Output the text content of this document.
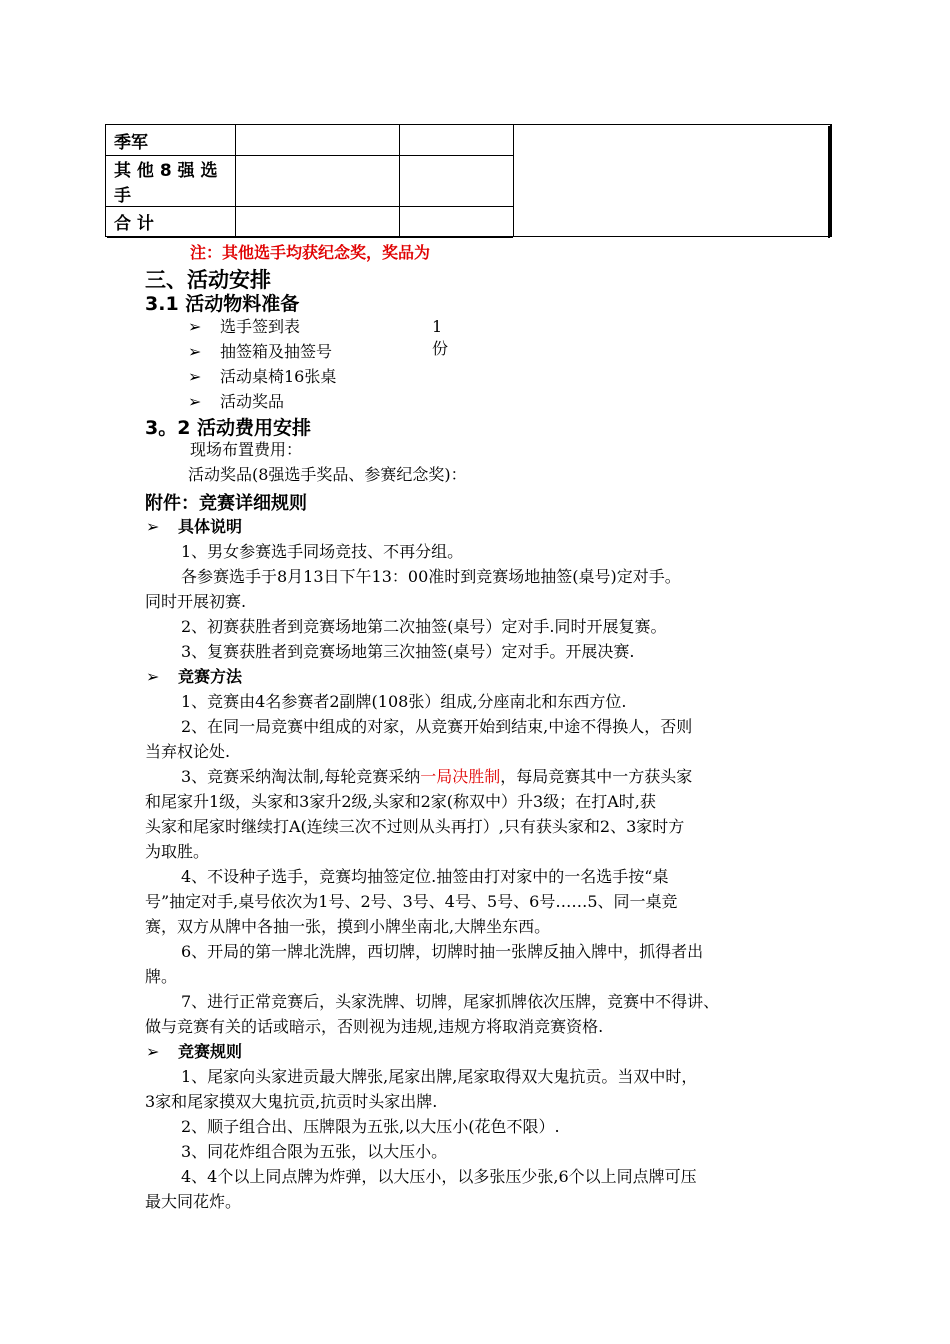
季军			
其 他 8 强 选
手			
合 计			
注：其他选手均获纪念奖，奖品为
三、活动安排
3.1 活动物料准备
➢ 选手签到表	1份
➢ 抽签箱及抽签号
➢ 活动桌椅16张桌
➢ 活动奖品
3。2 活动费用安排
现场布置费用：
活动奖品(8强选手奖品、参赛纪念奖)：
附件：竞赛详细规则
➢ 具体说明
1、男女参赛选手同场竞技、不再分组。
各参赛选手于8月13日下午13：00准时到竞赛场地抽签(桌号)定对手。
同时开展初赛.
2、初赛获胜者到竞赛场地第二次抽签(桌号）定对手.同时开展复赛。
3、复赛获胜者到竞赛场地第三次抽签(桌号）定对手。开展决赛.
➢ 竞赛方法
1、竞赛由4名参赛者2副牌(108张）组成,分座南北和东西方位.
2、在同一局竞赛中组成的对家，从竞赛开始到结束,中途不得换人，否则
当弃权论处.
3、竞赛采纳淘汰制,每轮竞赛采纳一局决胜制，每局竞赛其中一方获头家
和尾家升1级，头家和3家升2级,头家和2家(称双中）升3级；在打A时,获
头家和尾家时继续打A(连续三次不过则从头再打）,只有获头家和2、3家时方
为取胜。
4、不设种子选手，竞赛均抽签定位.抽签由打对家中的一名选手按“桌
号”抽定对手,桌号依次为1号、2号、3号、4号、5号、6号……5、同一桌竞
赛，双方从牌中各抽一张，摸到小牌坐南北,大牌坐东西。
6、开局的第一牌北洗牌，西切牌，切牌时抽一张牌反抽入牌中，抓得者出
牌。
7、进行正常竞赛后，头家洗牌、切牌，尾家抓牌依次压牌，竞赛中不得讲、
做与竞赛有关的话或暗示，否则视为违规,违规方将取消竞赛资格.
➢ 竞赛规则
1、尾家向头家进贡最大牌张,尾家出牌,尾家取得双大鬼抗贡。当双中时，
3家和尾家摸双大鬼抗贡,抗贡时头家出牌.
2、顺子组合出、压牌限为五张,以大压小(花色不限）.
3、同花炸组合限为五张，以大压小。
4、4个以上同点牌为炸弹，以大压小，以多张压少张,6个以上同点牌可压
最大同花炸。
